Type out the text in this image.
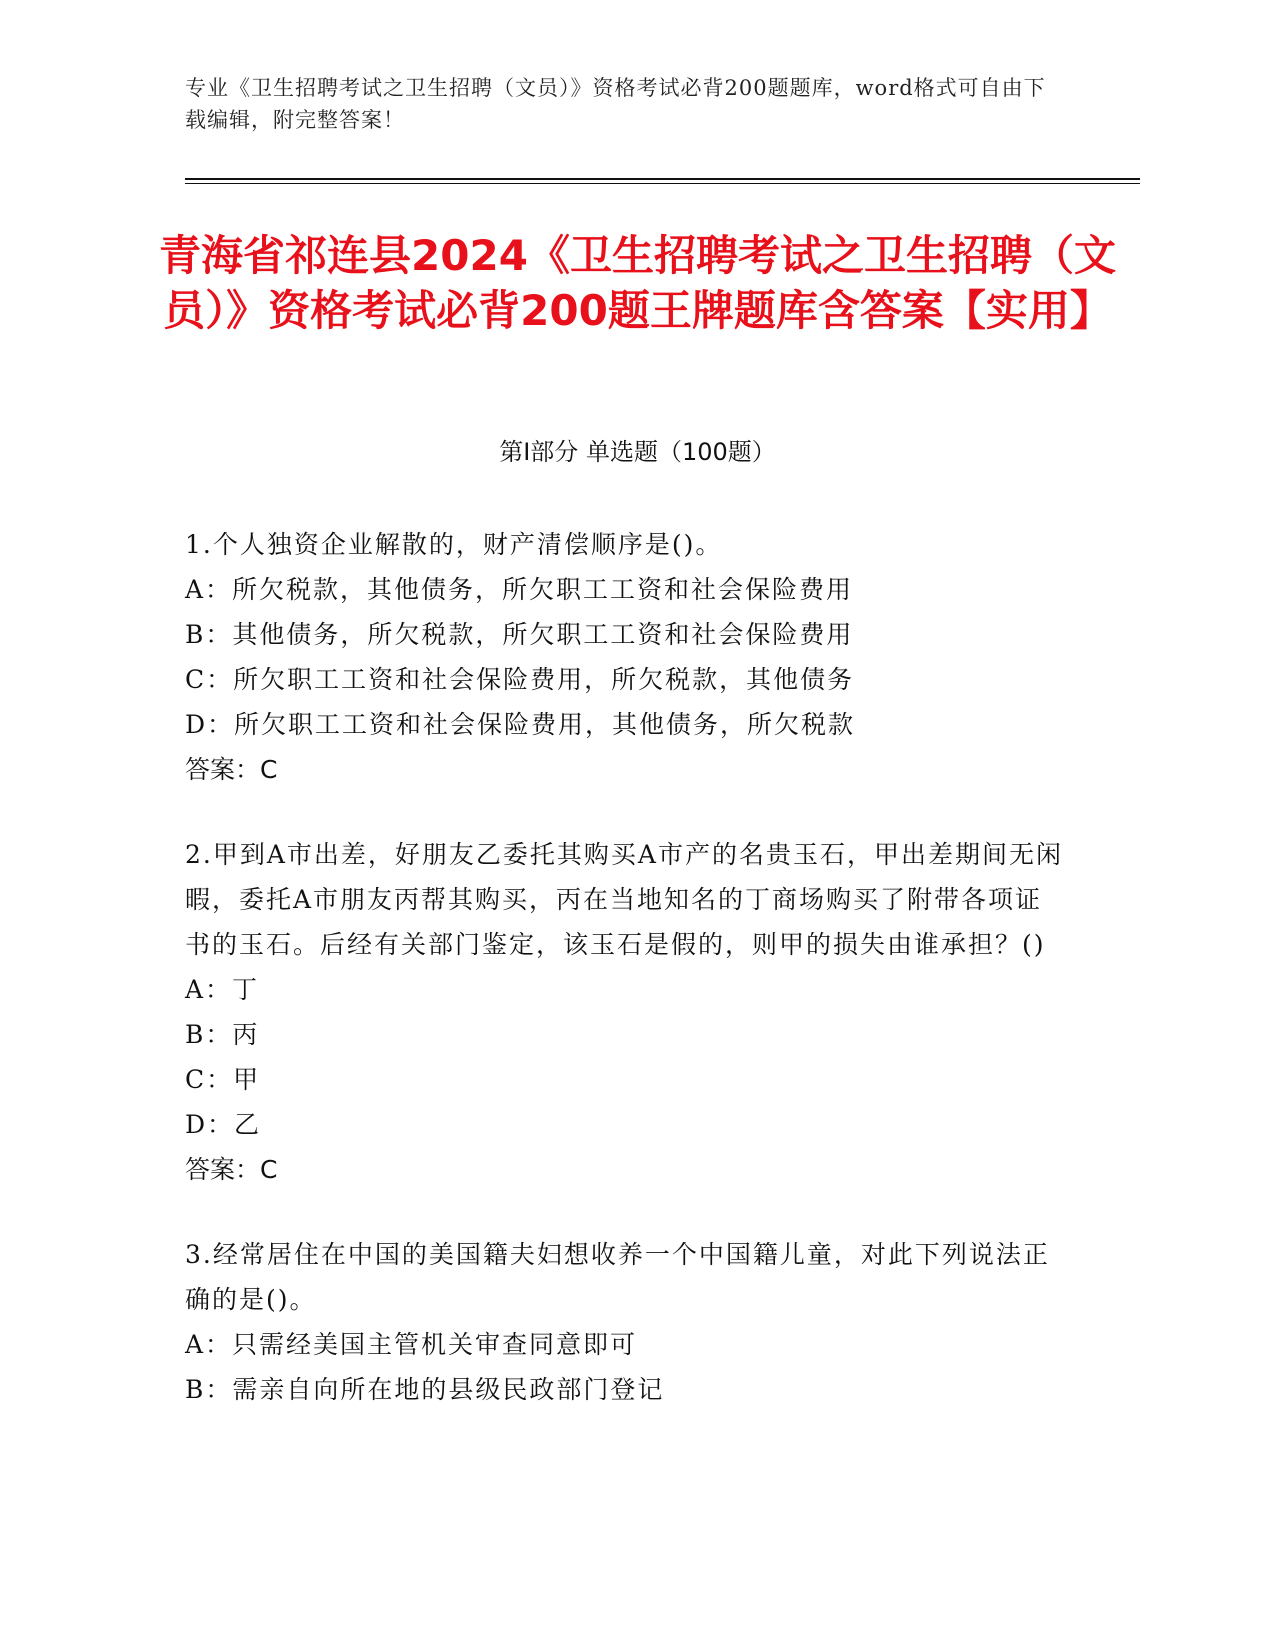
专业《卫生招聘考试之卫生招聘（文员）》资格考试必背200题题库，word格式可自由下载编辑，附完整答案！
青海省祁连县2024《卫生招聘考试之卫生招聘（文员）》资格考试必背200题王牌题库含答案【实用】
第Ⅰ部分 单选题（100题）
1.个人独资企业解散的，财产清偿顺序是()。
A：所欠税款，其他债务，所欠职工工资和社会保险费用
B：其他债务，所欠税款，所欠职工工资和社会保险费用
C：所欠职工工资和社会保险费用，所欠税款，其他债务
D：所欠职工工资和社会保险费用，其他债务，所欠税款
答案：C
2.甲到A市出差，好朋友乙委托其购买A市产的名贵玉石，甲出差期间无闲暇，委托A市朋友丙帮其购买，丙在当地知名的丁商场购买了附带各项证书的玉石。后经有关部门鉴定，该玉石是假的，则甲的损失由谁承担？()
A：丁
B：丙
C：甲
D：乙
答案：C
3.经常居住在中国的美国籍夫妇想收养一个中国籍儿童，对此下列说法正确的是()。
A：只需经美国主管机关审查同意即可
B：需亲自向所在地的县级民政部门登记
